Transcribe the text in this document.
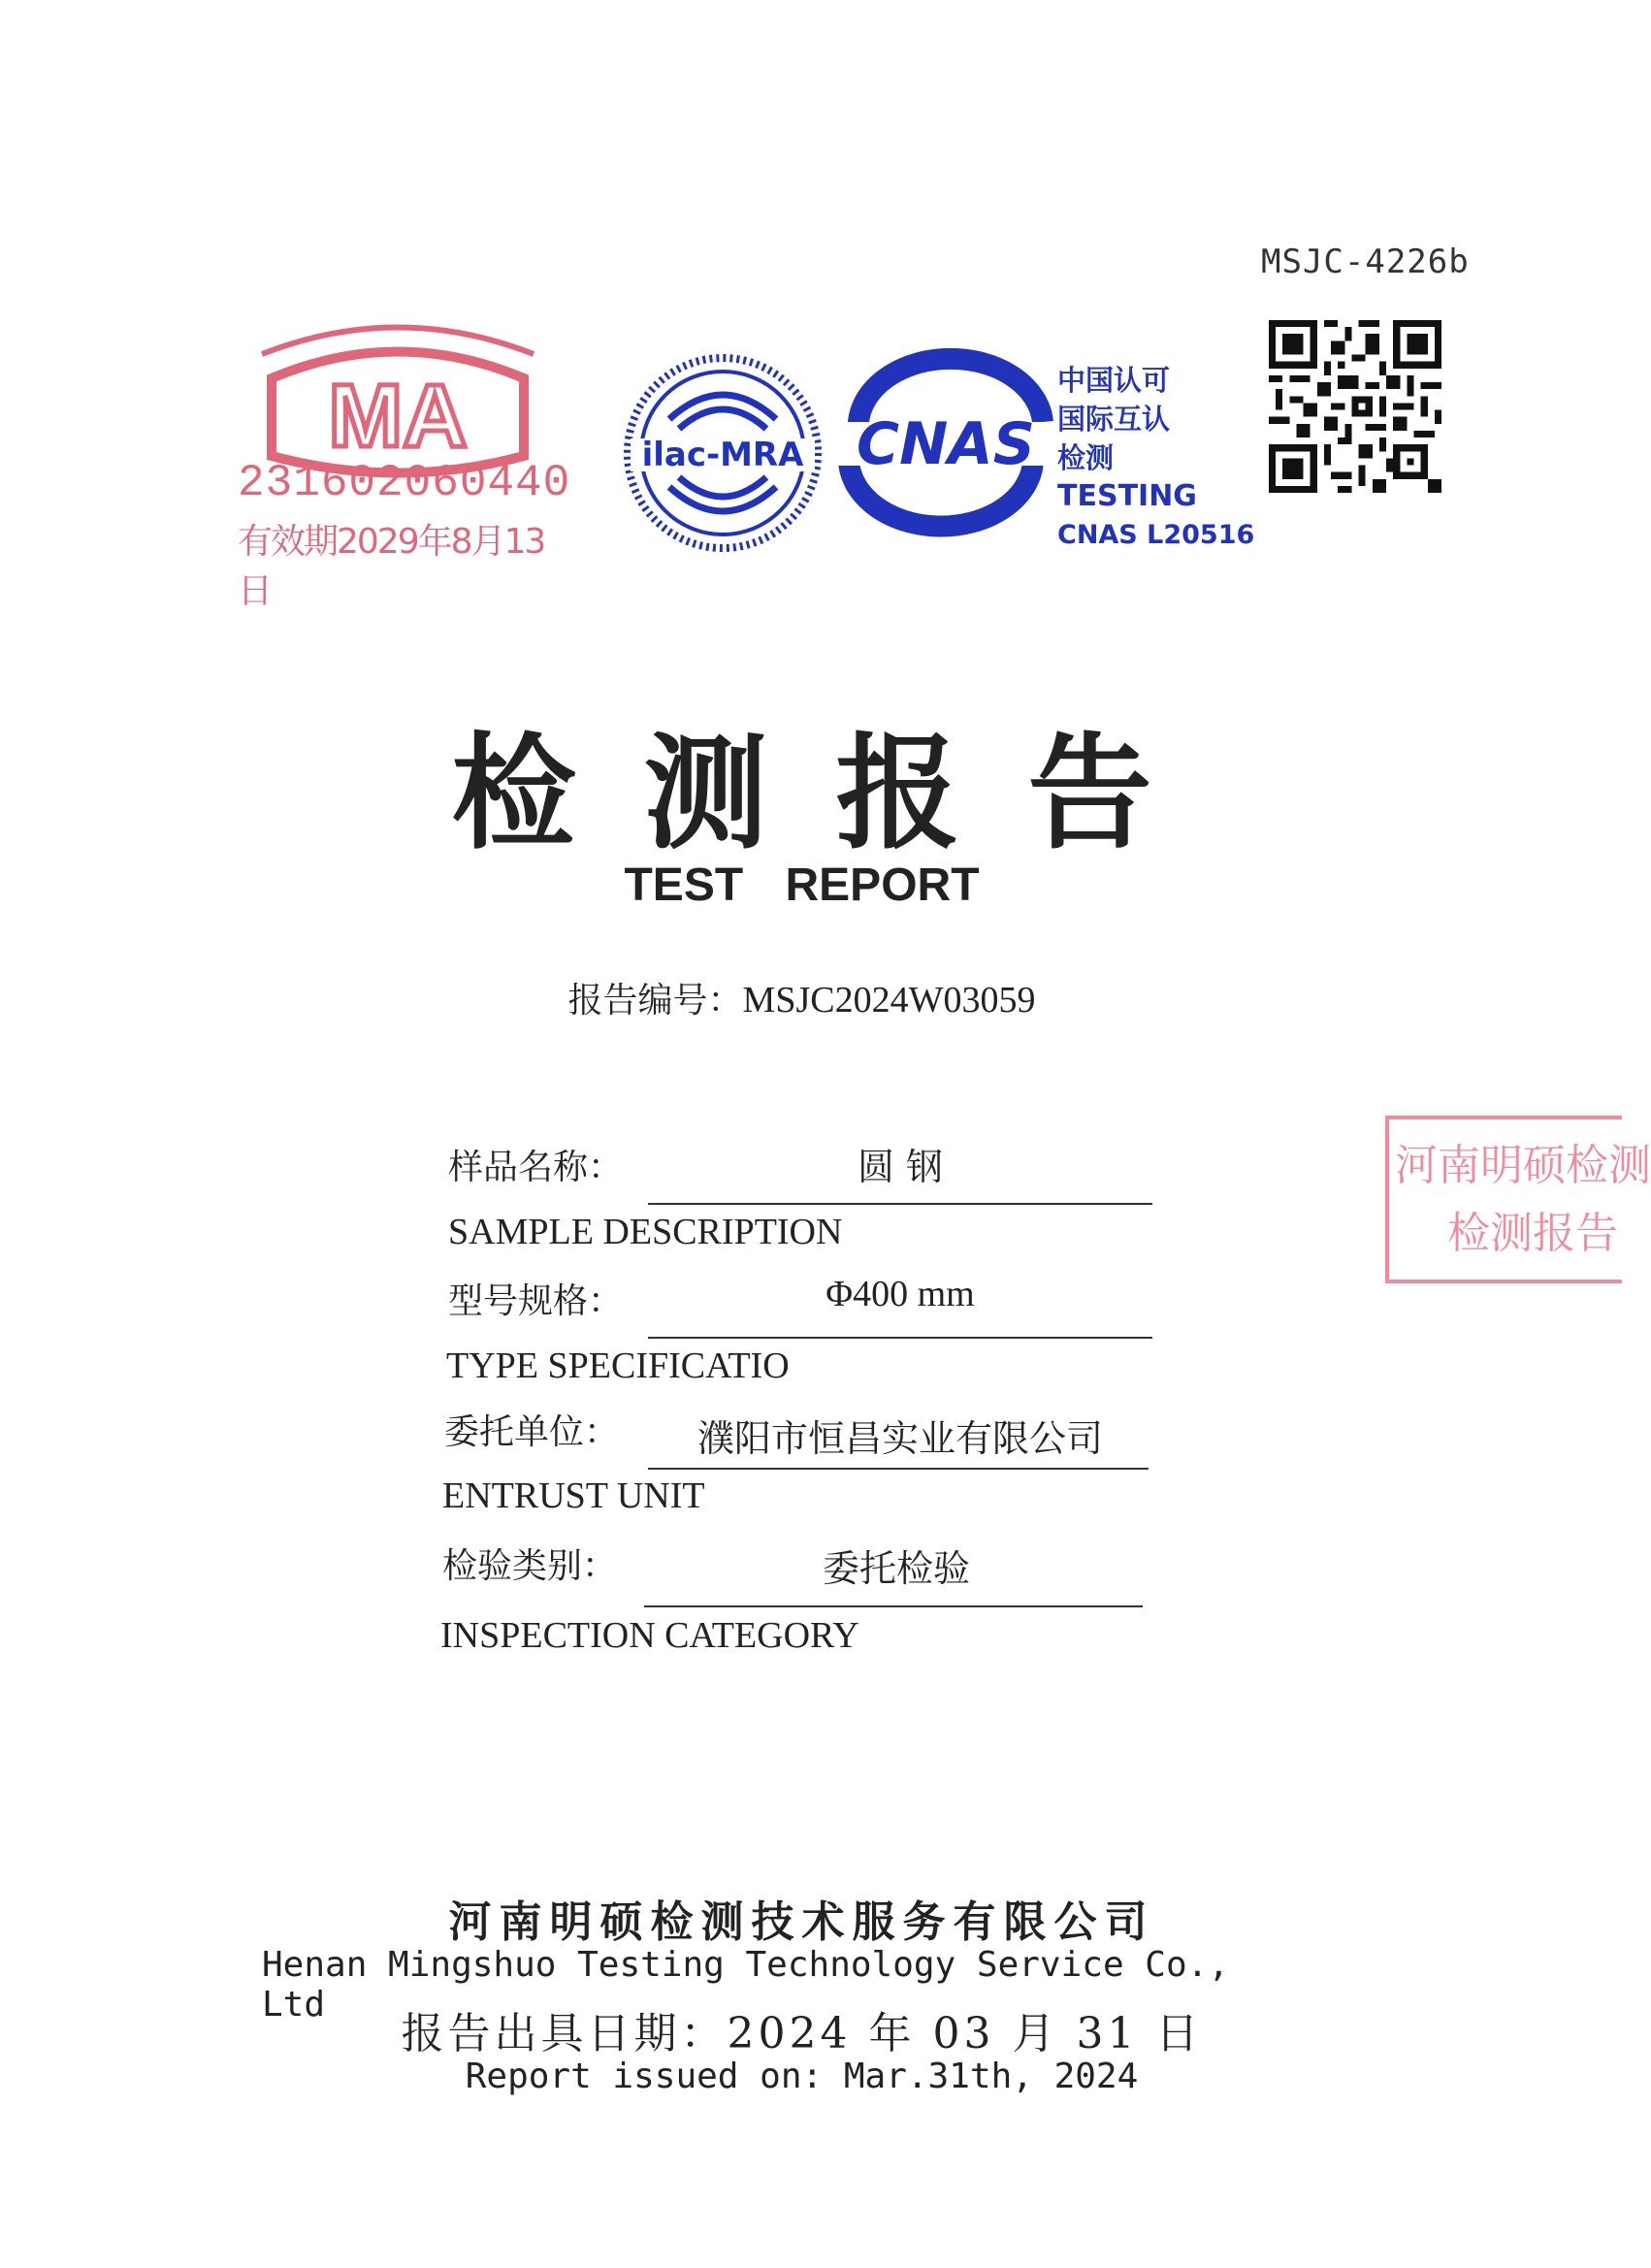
MSJC-4226b
MA
231602060440
有效期2029年8月13日
ilac-MRA CNAS
中国认可
国际互认
检测
TESTING
CNAS L20516
检测报告
TEST REPORT
报告编号：MSJC2024W03059
样品名称：	圆 钢
SAMPLE DESCRIPTION
型号规格：	Φ400 mm
TYPE SPECIFICATIO
委托单位：	濮阳市恒昌实业有限公司
ENTRUST UNIT
检验类别：	委托检验
INSPECTION CATEGORY
河南明硕检测
检测报告
河南明硕检测技术服务有限公司
Henan Mingshuo Testing Technology Service Co., Ltd
报告出具日期：2024 年 03 月 31 日
Report issued on: Mar.31th, 2024
